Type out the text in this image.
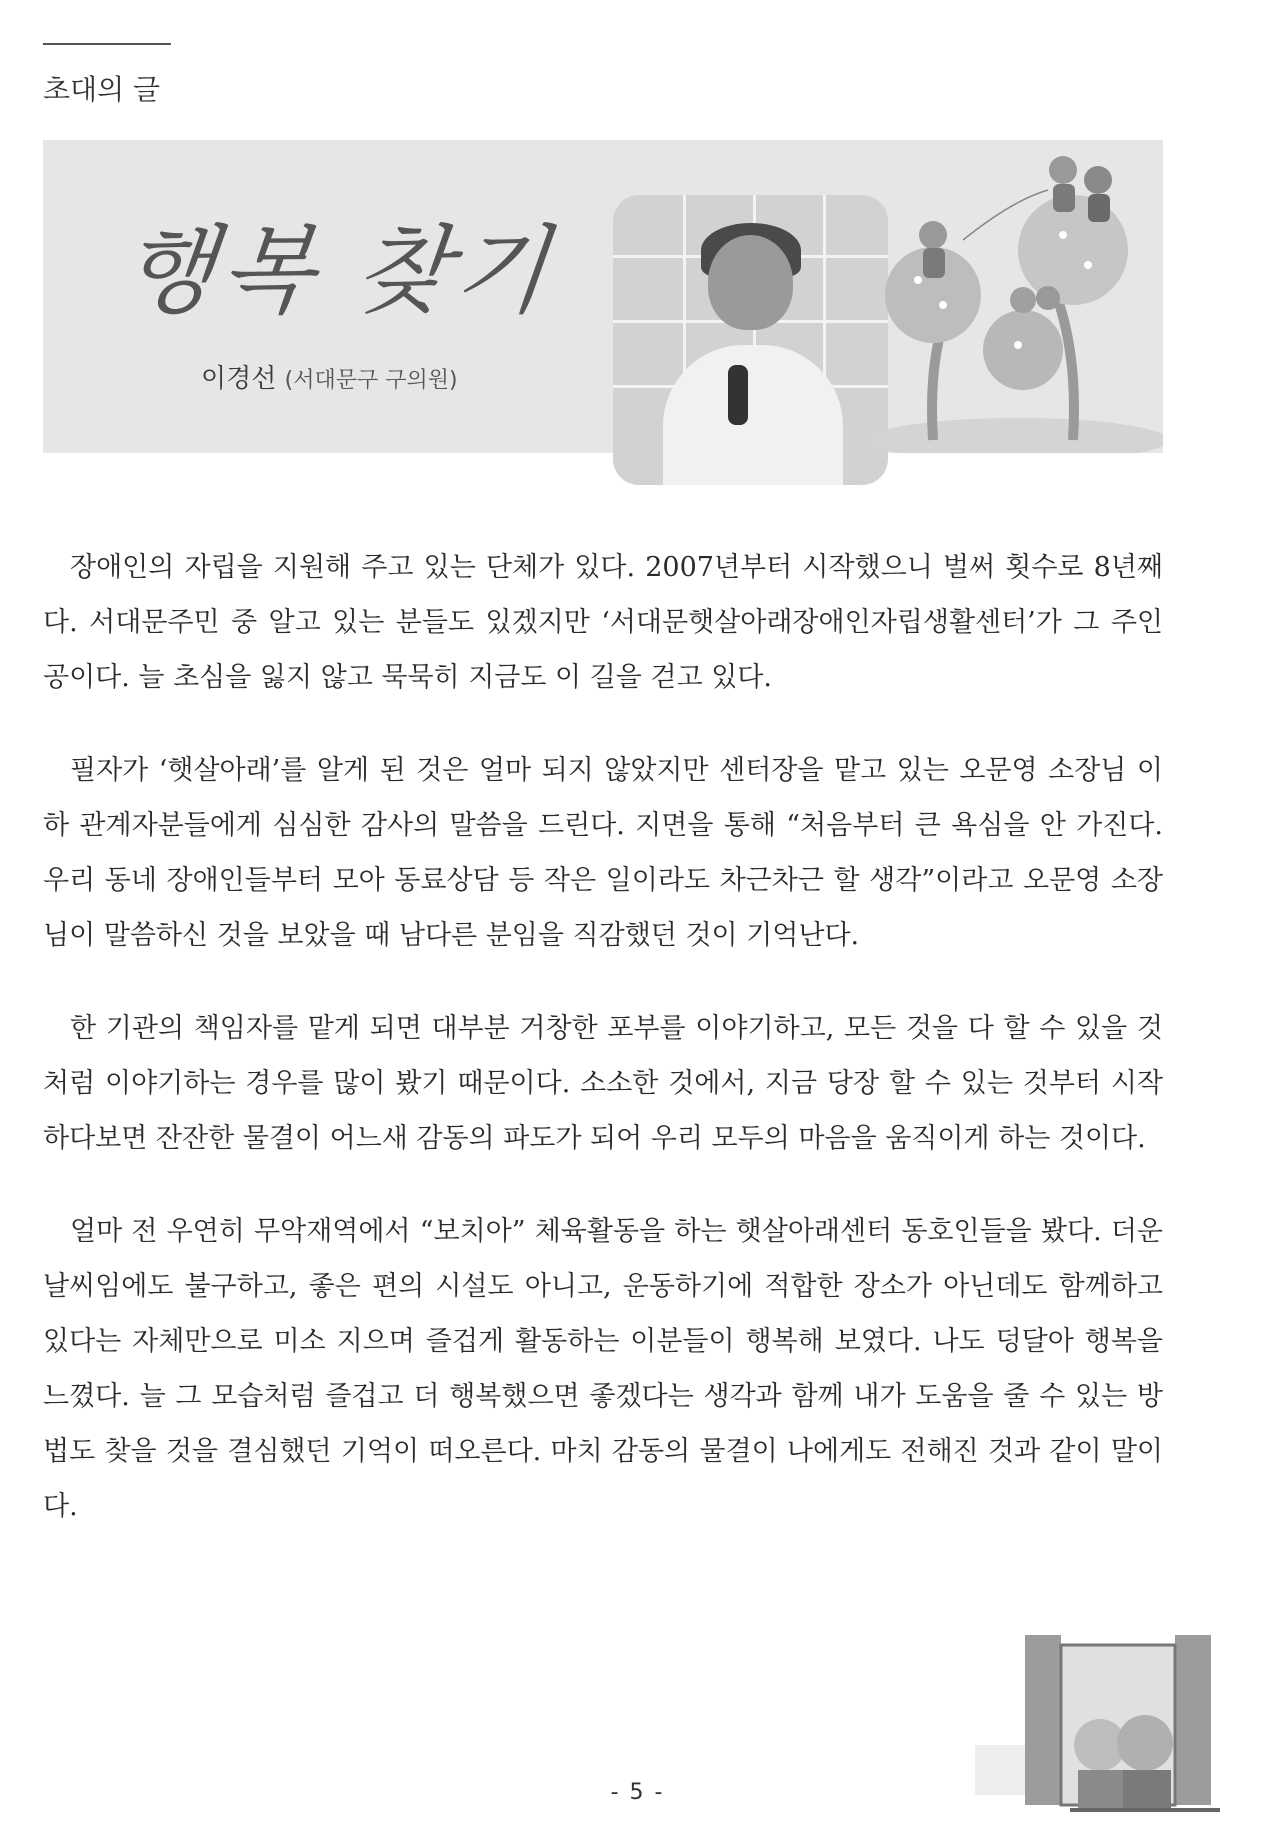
초대의 글
행복 찾기
이경선 (서대문구 구의원)

장애인의 자립을 지원해 주고 있는 단체가 있다. 2007년부터 시작했으니 벌써 횟수로 8년째다. 서대문주민 중 알고 있는 분들도 있겠지만 ‘서대문햇살아래장애인자립생활센터’가 그 주인공이다. 늘 초심을 잃지 않고 묵묵히 지금도 이 길을 걷고 있다.

필자가 ‘햇살아래’를 알게 된 것은 얼마 되지 않았지만 센터장을 맡고 있는 오문영 소장님 이하 관계자분들에게 심심한 감사의 말씀을 드린다. 지면을 통해 “처음부터 큰 욕심을 안 가진다. 우리 동네 장애인들부터 모아 동료상담 등 작은 일이라도 차근차근 할 생각”이라고 오문영 소장님이 말씀하신 것을 보았을 때 남다른 분임을 직감했던 것이 기억난다.

한 기관의 책임자를 맡게 되면 대부분 거창한 포부를 이야기하고, 모든 것을 다 할 수 있을 것처럼 이야기하는 경우를 많이 봤기 때문이다. 소소한 것에서, 지금 당장 할 수 있는 것부터 시작하다보면 잔잔한 물결이 어느새 감동의 파도가 되어 우리 모두의 마음을 움직이게 하는 것이다.

얼마 전 우연히 무악재역에서 “보치아” 체육활동을 하는 햇살아래센터 동호인들을 봤다. 더운 날씨임에도 불구하고, 좋은 편의 시설도 아니고, 운동하기에 적합한 장소가 아닌데도 함께하고 있다는 자체만으로 미소 지으며 즐겁게 활동하는 이분들이 행복해 보였다. 나도 덩달아 행복을 느꼈다. 늘 그 모습처럼 즐겁고 더 행복했으면 좋겠다는 생각과 함께 내가 도움을 줄 수 있는 방법도 찾을 것을 결심했던 기억이 떠오른다. 마치 감동의 물결이 나에게도 전해진 것과 같이 말이다.

- 5 -
